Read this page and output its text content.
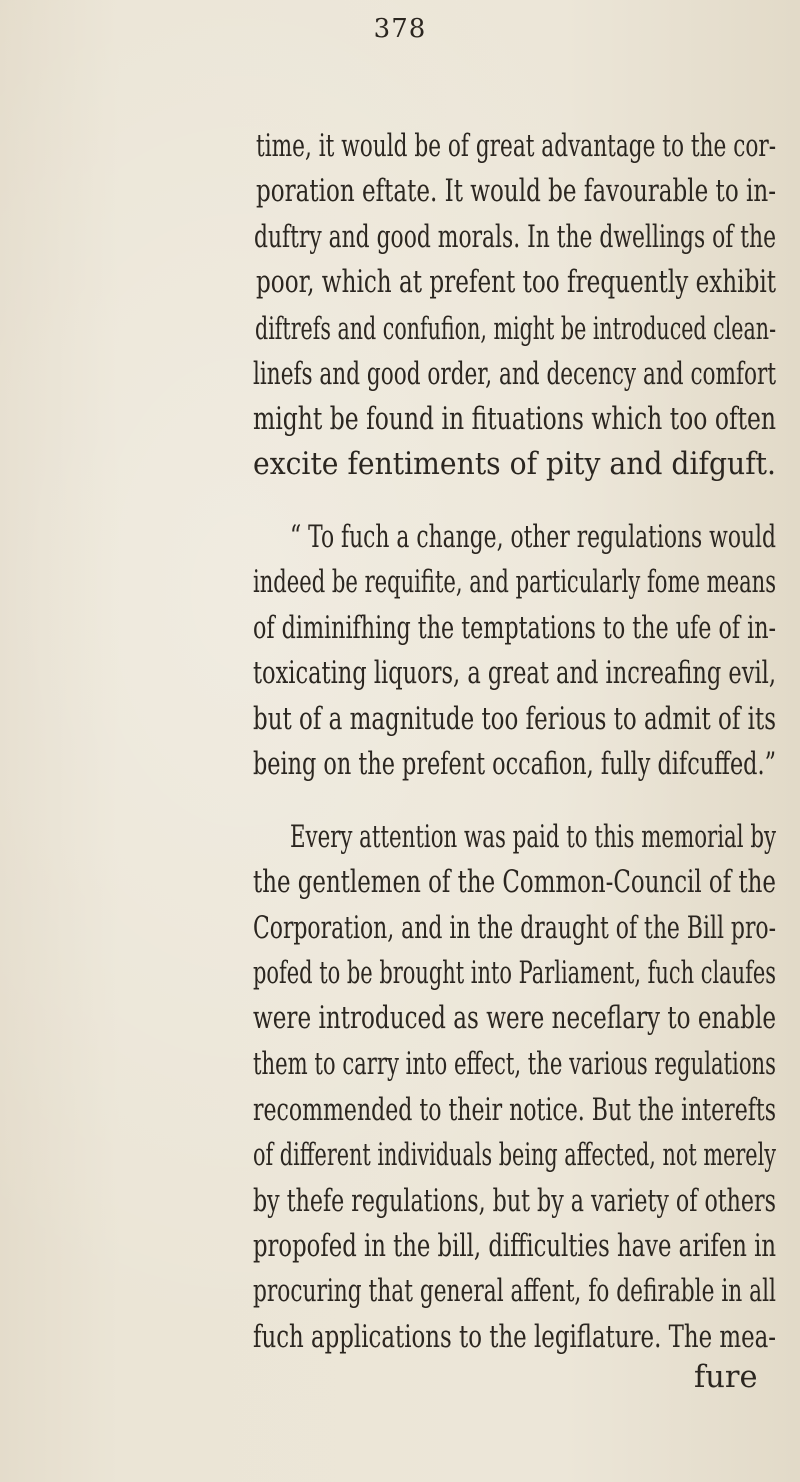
378
time, it would be of great advantage to the cor-
poration eftate. It would be favourable to in-
duftry and good morals. In the dwellings of the
poor, which at prefent too frequently exhibit
diftrefs and confufion, might be introduced clean-
linefs and good order, and decency and comfort
might be found in fituations which too often
excite fentiments of pity and difguft.
“ To fuch a change, other regulations would
indeed be requifite, and particularly fome means
of diminifhing the temptations to the ufe of in-
toxicating liquors, a great and increafing evil,
but of a magnitude too ferious to admit of its
being on the prefent occafion, fully difcuffed.”
Every attention was paid to this memorial by
the gentlemen of the Common-Council of the
Corporation, and in the draught of the Bill pro-
pofed to be brought into Parliament, fuch claufes
were introduced as were neceflary to enable
them to carry into effect, the various regulations
recommended to their notice. But the interefts
of different individuals being affected, not merely
by thefe regulations, but by a variety of others
propofed in the bill, difficulties have arifen in
procuring that general affent, fo defirable in all
fuch applications to the legiflature. The mea-
fure
